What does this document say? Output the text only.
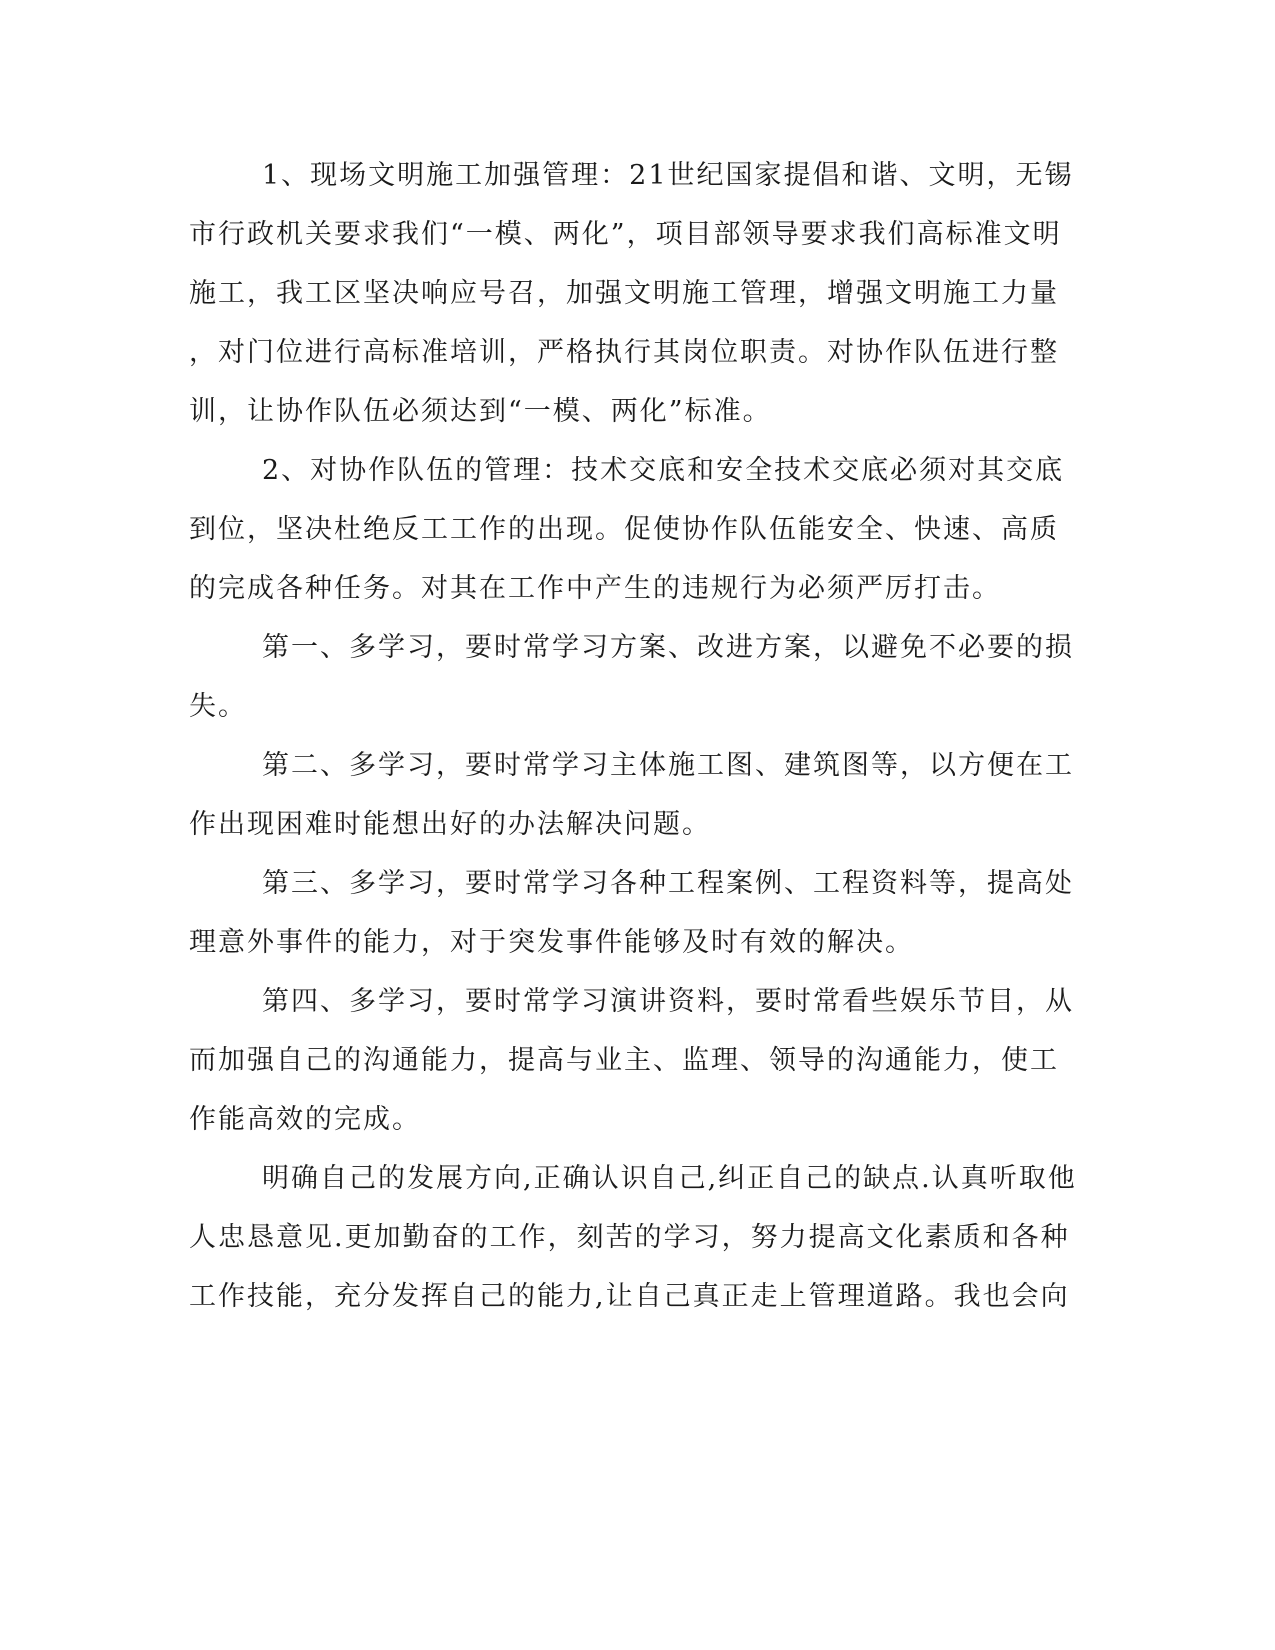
1、现场文明施工加强管理：21世纪国家提倡和谐、文明，无锡
市行政机关要求我们“一模、两化”，项目部领导要求我们高标准文明
施工，我工区坚决响应号召，加强文明施工管理，增强文明施工力量
，对门位进行高标准培训，严格执行其岗位职责。对协作队伍进行整
训，让协作队伍必须达到“一模、两化”标准。
2、对协作队伍的管理：技术交底和安全技术交底必须对其交底
到位，坚决杜绝反工工作的出现。促使协作队伍能安全、快速、高质
的完成各种任务。对其在工作中产生的违规行为必须严厉打击。
第一、多学习，要时常学习方案、改进方案，以避免不必要的损
失。
第二、多学习，要时常学习主体施工图、建筑图等，以方便在工
作出现困难时能想出好的办法解决问题。
第三、多学习，要时常学习各种工程案例、工程资料等，提高处
理意外事件的能力，对于突发事件能够及时有效的解决。
第四、多学习，要时常学习演讲资料，要时常看些娱乐节目，从
而加强自己的沟通能力，提高与业主、监理、领导的沟通能力，使工
作能高效的完成。
明确自己的发展方向,正确认识自己,纠正自己的缺点.认真听取他
人忠恳意见.更加勤奋的工作，刻苦的学习，努力提高文化素质和各种
工作技能，充分发挥自己的能力,让自己真正走上管理道路。我也会向
